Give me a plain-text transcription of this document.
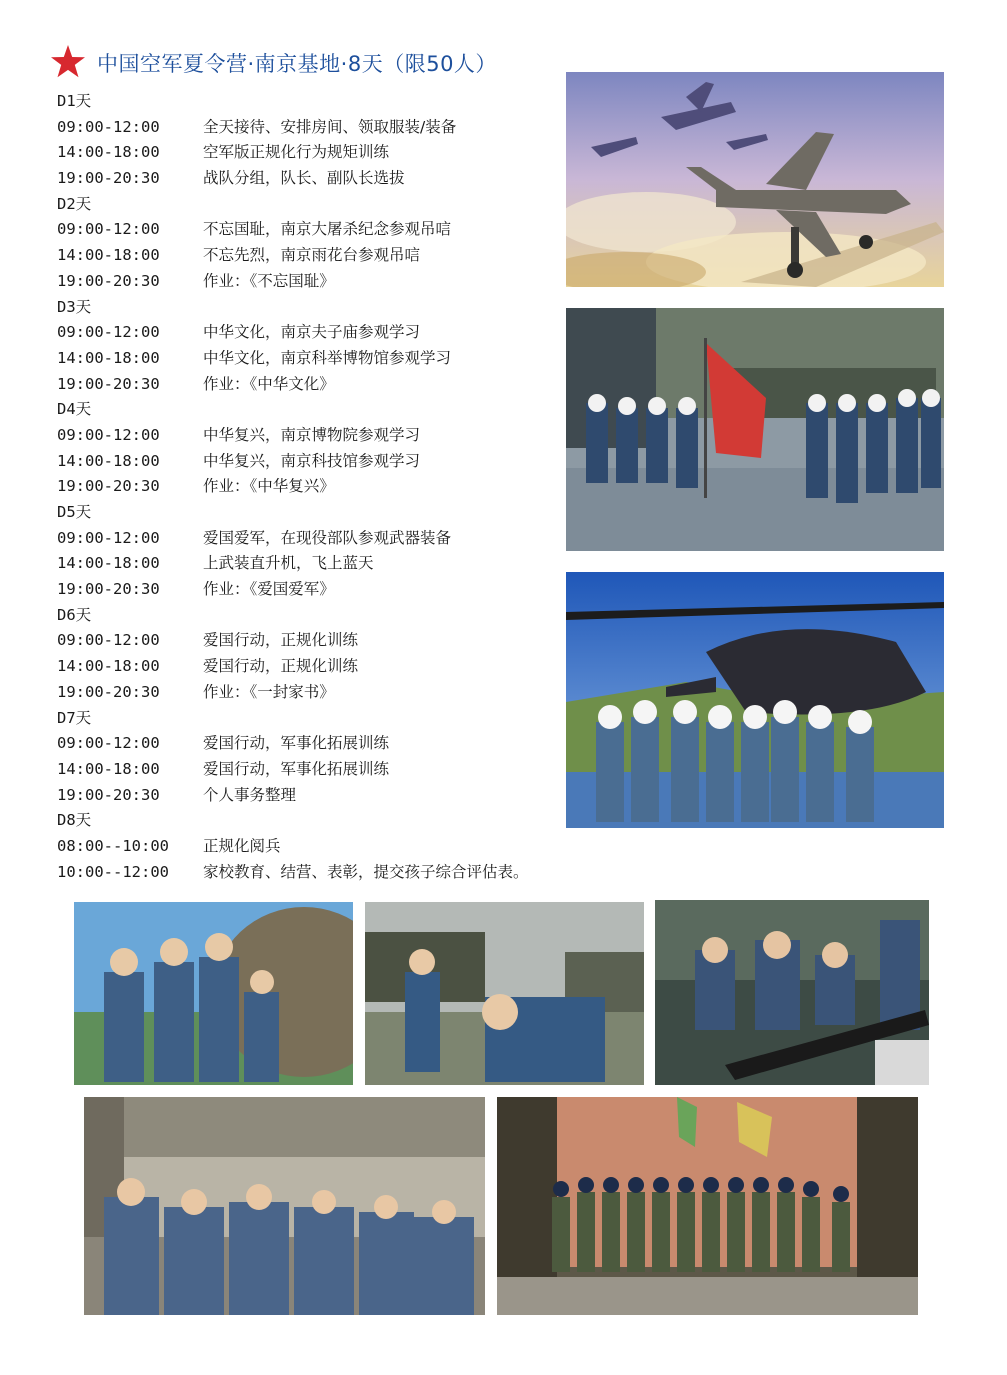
中国空军夏令营·南京基地·8天（限50人）
D1天
09:00-12:00	全天接待、安排房间、领取服装/装备
14:00-18:00	空军版正规化行为规矩训练
19:00-20:30	战队分组，队长、副队长选拔
D2天
09:00-12:00	不忘国耻，南京大屠杀纪念参观吊唁
14:00-18:00	不忘先烈，南京雨花台参观吊唁
19:00-20:30	作业：《不忘国耻》
D3天
09:00-12:00	中华文化，南京夫子庙参观学习
14:00-18:00	中华文化，南京科举博物馆参观学习
19:00-20:30	作业：《中华文化》
D4天
09:00-12:00	中华复兴，南京博物院参观学习
14:00-18:00	中华复兴，南京科技馆参观学习
19:00-20:30	作业：《中华复兴》
D5天
09:00-12:00	爱国爱军，在现役部队参观武器装备
14:00-18:00	上武装直升机，飞上蓝天
19:00-20:30	作业：《爱国爱军》
D6天
09:00-12:00	爱国行动，正规化训练
14:00-18:00	爱国行动，正规化训练
19:00-20:30	作业：《一封家书》
D7天
09:00-12:00	爱国行动，军事化拓展训练
14:00-18:00	爱国行动，军事化拓展训练
19:00-20:30	个人事务整理
D8天
08:00--10:00 正规化阅兵
10:00--12:00 家校教育、结营、表彰，提交孩子综合评估表。
